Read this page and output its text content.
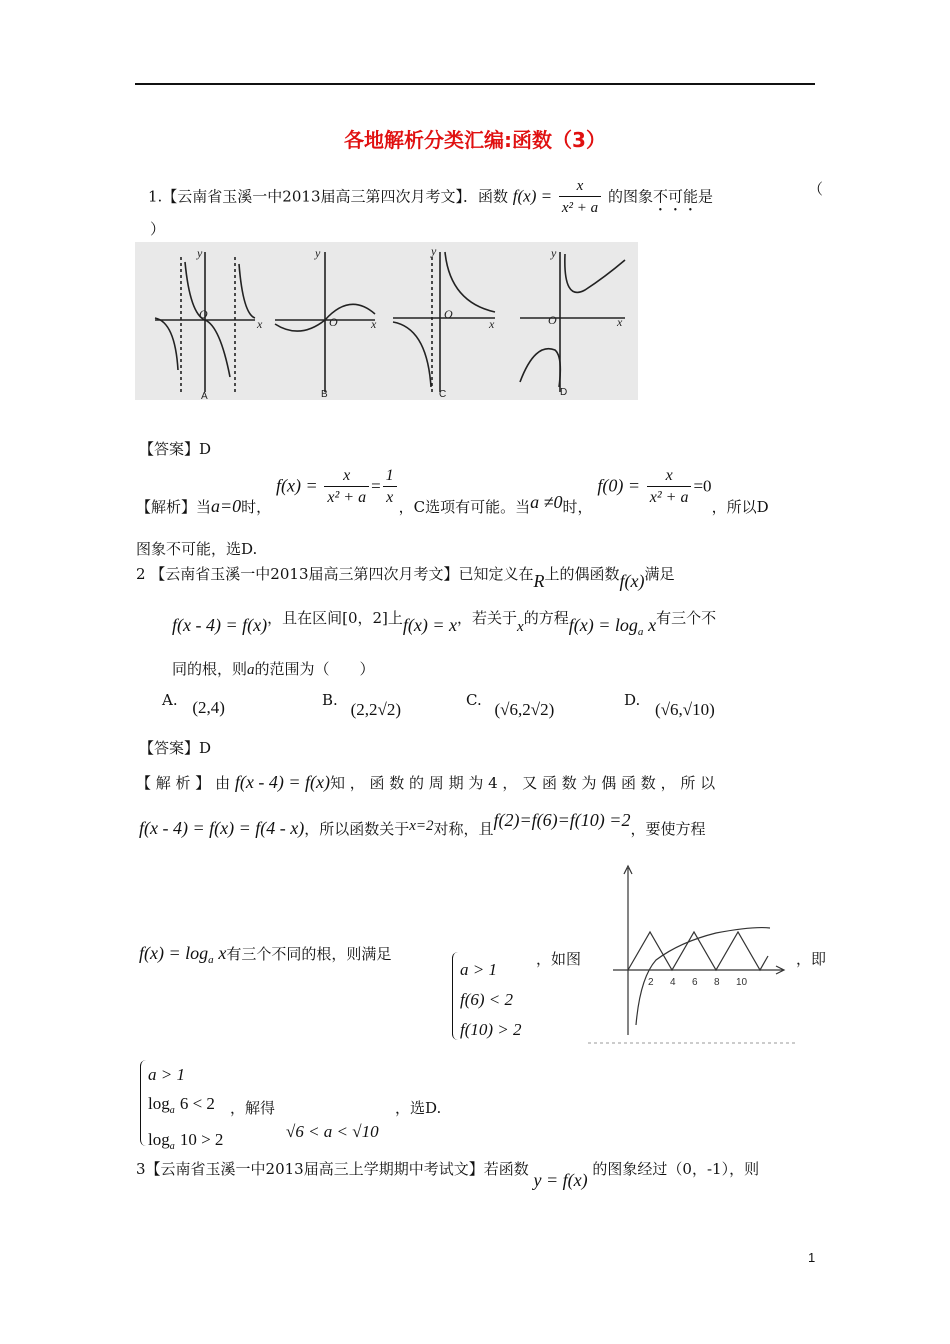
各地解析分类汇编:函数（3）
1.【云南省玉溪一中2013届高三第四次月考文】．函数 $f(x) = \frac{x}{\text{x² + a}}$ 的图象不可能是	（
）
O
x
y
O	x
y
O
x
y
O	x
y
A	B	C	D
【答案】D
【解析】当a=0时， $f(x) = \frac{x}{\text{x² + a}} = \frac{1}{x}$ ，C选项有可能。当a ≠0时， $f(0) = \frac{x}{\text{x² + a}} =0$，所以D
图象不可能，选D.
2 【云南省玉溪一中2013届高三第四次月考文】已知定义在R上的偶函数f(x)满足
f(x - 4) = f(x)，且在区间[0，2]上f(x) = x，若关于x的方程$f(x) = \log_a x$有三个不
同的根，则a的范围为（　　）
A. (2,4)	B. (2,2√2)	C. (√6,2√2)	D. (√6,√10)
【答案】D
【 解 析 】 由 f(x - 4) = f(x)知 ， 函 数 的 周 期 为 4 ， 又 函 数 为 偶 函 数 ， 所 以
f(x - 4) = f(x) = f(4 - x)，所以函数关于x=2对称，且f(2)=f(6)=f(10) =2，要使方程
$f(x) = \log_a x$有三个不同的根，则满足
a > 1
f(6) < 2
f(10) > 2
，如图
2 4 6 8 10
，即
a > 1
$\log_a 6 < 2$
$\log_a 10 > 2$
，解得
√6 < a < √10
，选D.
3【云南省玉溪一中2013届高三上学期期中考试文】若函数 y = f(x) 的图象经过（0，-1），则
1
